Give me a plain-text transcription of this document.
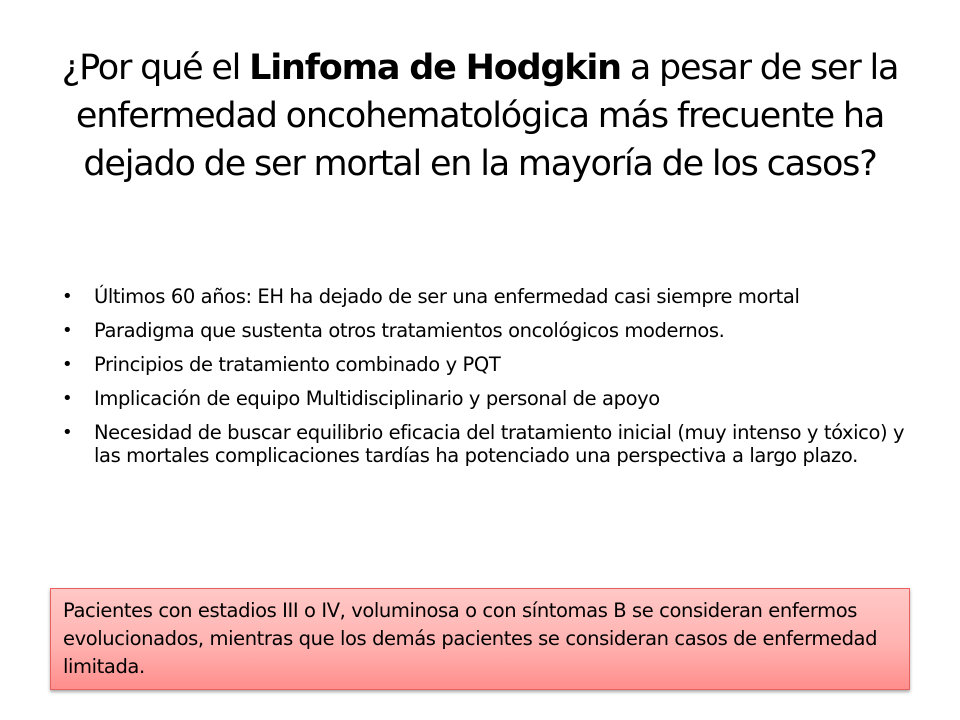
¿Por qué el Linfoma de Hodgkin a pesar de ser la enfermedad oncohematológica más frecuente ha dejado de ser mortal en la mayoría de los casos?
• Últimos 60 años: EH ha dejado de ser una enfermedad casi siempre mortal
• Paradigma que sustenta otros tratamientos oncológicos modernos.
• Principios de tratamiento combinado y PQT
• Implicación de equipo Multidisciplinario y personal de apoyo
• Necesidad de buscar equilibrio eficacia del tratamiento inicial (muy intenso y tóxico) y las mortales complicaciones tardías ha potenciado una perspectiva a largo plazo.
Pacientes con estadios III o IV, voluminosa o con síntomas B se consideran enfermos evolucionados, mientras que los demás pacientes se consideran casos de enfermedad limitada.
